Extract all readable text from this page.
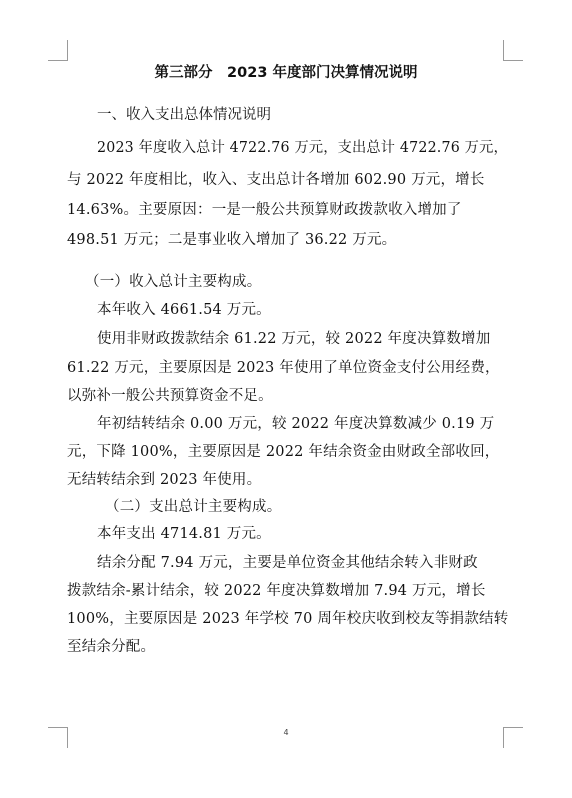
第三部分　2023 年度部门决算情况说明
一、收入支出总体情况说明
2023 年度收入总计 4722.76 万元，支出总计 4722.76 万元，
与 2022 年度相比，收入、支出总计各增加 602.90 万元，增长
14.63%。主要原因：一是一般公共预算财政拨款收入增加了
498.51 万元；二是事业收入增加了 36.22 万元。
（一）收入总计主要构成。
本年收入 4661.54 万元。
使用非财政拨款结余 61.22 万元，较 2022 年度决算数增加
61.22 万元，主要原因是 2023 年使用了单位资金支付公用经费，
以弥补一般公共预算资金不足。
年初结转结余 0.00 万元，较 2022 年度决算数减少 0.19 万
元，下降 100%，主要原因是 2022 年结余资金由财政全部收回，
无结转结余到 2023 年使用。
（二）支出总计主要构成。
本年支出 4714.81 万元。
结余分配 7.94 万元，主要是单位资金其他结余转入非财政
拨款结余-累计结余，较 2022 年度决算数增加 7.94 万元，增长
100%，主要原因是 2023 年学校 70 周年校庆收到校友等捐款结转
至结余分配。
4
